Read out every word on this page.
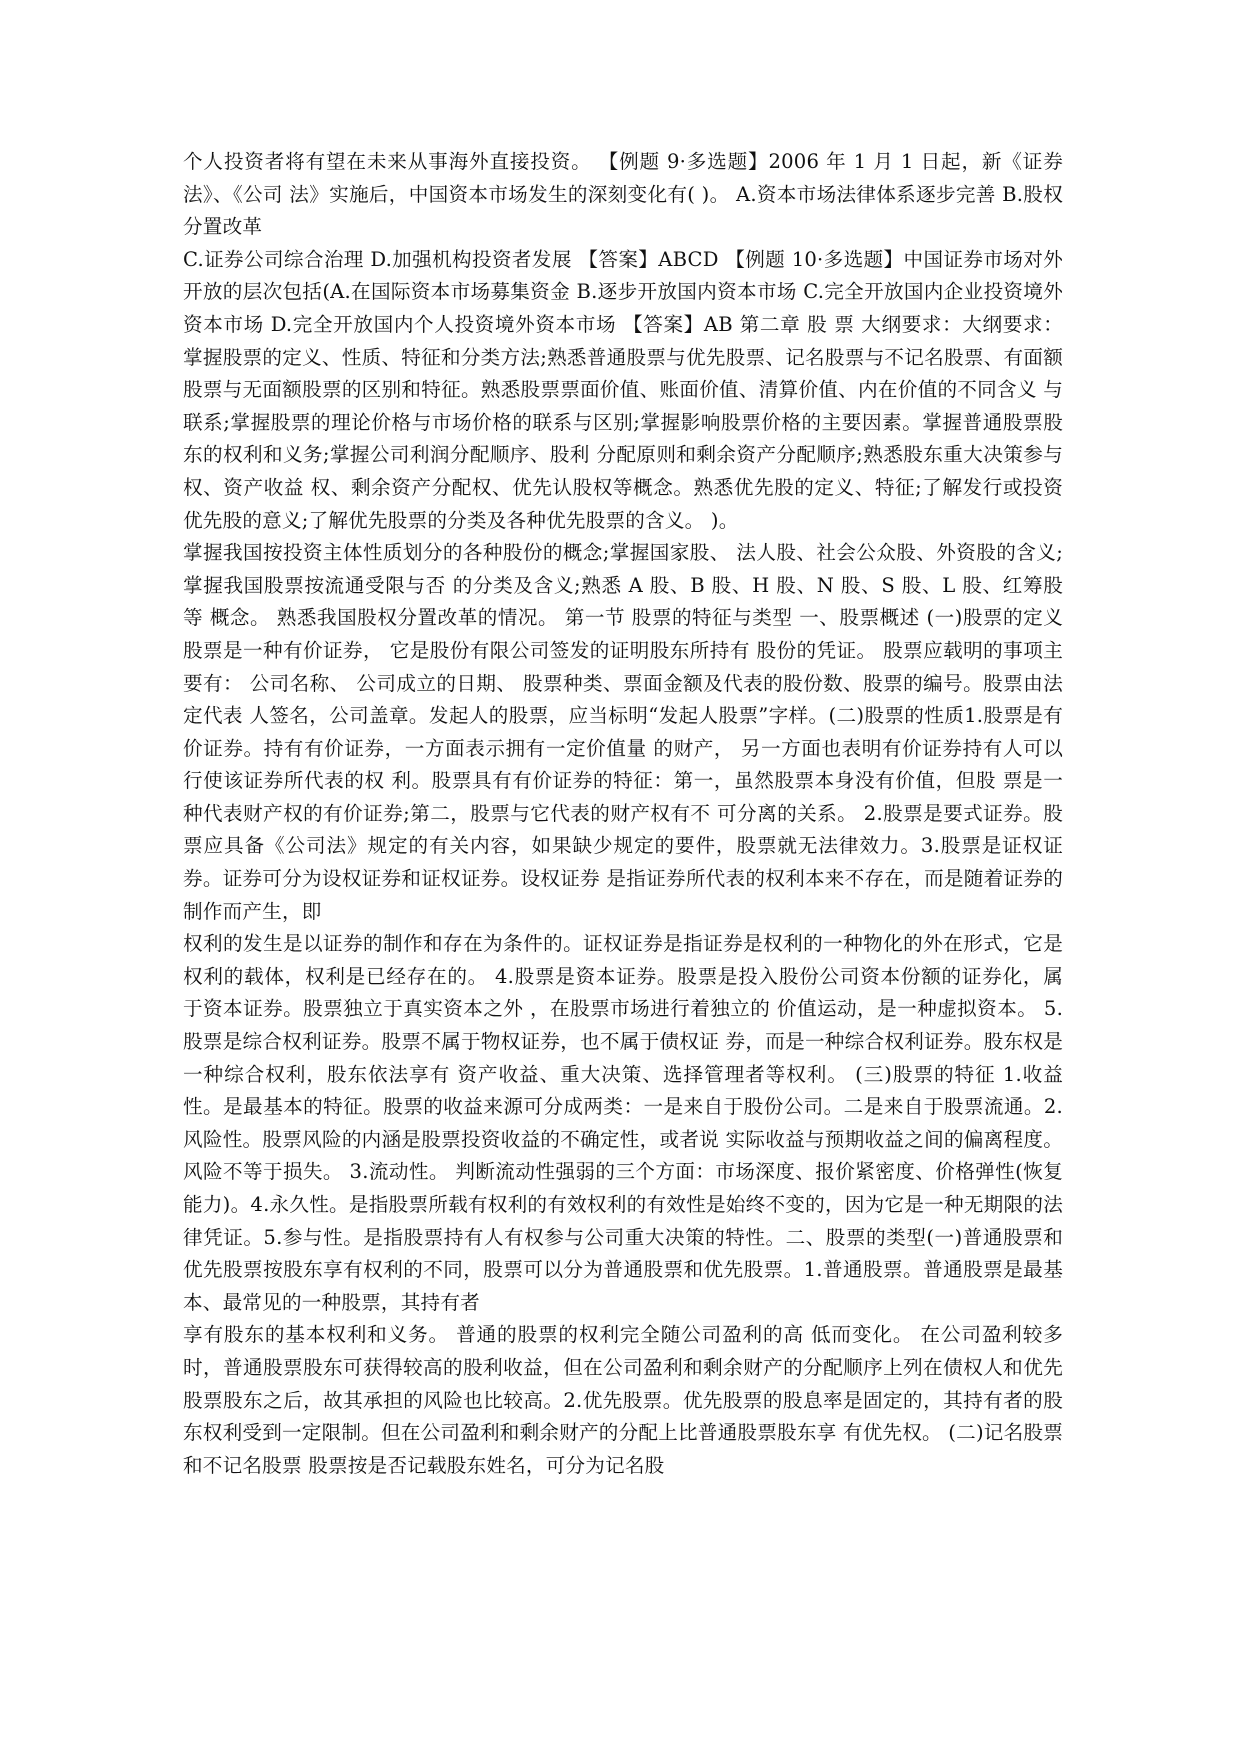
个人投资者将有望在未来从事海外直接投资。 【例题 9·多选题】2006 年 1 月 1 日起，新《证券法》、《公司 法》实施后，中国资本市场发生的深刻变化有( )。 A.资本市场法律体系逐步完善 B.股权分置改革

C.证券公司综合治理 D.加强机构投资者发展 【答案】ABCD 【例题 10·多选题】中国证券市场对外开放的层次包括(A.在国际资本市场募集资金 B.逐步开放国内资本市场 C.完全开放国内企业投资境外资本市场 D.完全开放国内个人投资境外资本市场 【答案】AB 第二章 股 票 大纲要求：大纲要求：掌握股票的定义、性质、特征和分类方法;熟悉普通股票与优先股票、记名股票与不记名股票、有面额股票与无面额股票的区别和特征。熟悉股票票面价值、账面价值、清算价值、内在价值的不同含义 与联系;掌握股票的理论价格与市场价格的联系与区别;掌握影响股票价格的主要因素。掌握普通股票股东的权利和义务;掌握公司利润分配顺序、股利 分配原则和剩余资产分配顺序;熟悉股东重大决策参与权、资产收益 权、剩余资产分配权、优先认股权等概念。熟悉优先股的定义、特征;了解发行或投资优先股的意义;了解优先股票的分类及各种优先股票的含义。 )。

掌握我国按投资主体性质划分的各种股份的概念;掌握国家股、 法人股、社会公众股、外资股的含义;掌握我国股票按流通受限与否 的分类及含义;熟悉 A 股、B 股、H 股、N 股、S 股、L 股、红筹股等 概念。 熟悉我国股权分置改革的情况。 第一节 股票的特征与类型 一、股票概述 (一)股票的定义 股票是一种有价证券， 它是股份有限公司签发的证明股东所持有 股份的凭证。 股票应载明的事项主要有： 公司名称、 公司成立的日期、 股票种类、票面金额及代表的股份数、股票的编号。股票由法定代表 人签名，公司盖章。发起人的股票，应当标明“发起人股票”字样。(二)股票的性质1.股票是有价证券。持有有价证券，一方面表示拥有一定价值量 的财产， 另一方面也表明有价证券持有人可以行使该证券所代表的权 利。股票具有有价证券的特征：第一，虽然股票本身没有价值，但股 票是一种代表财产权的有价证券;第二，股票与它代表的财产权有不 可分离的关系。 2.股票是要式证券。股票应具备《公司法》规定的有关内容，如果缺少规定的要件，股票就无法律效力。3.股票是证权证券。证券可分为设权证券和证权证券。设权证券 是指证券所代表的权利本来不存在，而是随着证券的制作而产生，即

权利的发生是以证券的制作和存在为条件的。证权证券是指证券是权利的一种物化的外在形式，它是权利的载体，权利是已经存在的。 4.股票是资本证券。股票是投入股份公司资本份额的证券化，属 于资本证券。股票独立于真实资本之外 ，在股票市场进行着独立的 价值运动，是一种虚拟资本。 5.股票是综合权利证券。股票不属于物权证券，也不属于债权证 券，而是一种综合权利证券。股东权是一种综合权利，股东依法享有 资产收益、重大决策、选择管理者等权利。 (三)股票的特征 1.收益性。是最基本的特征。股票的收益来源可分成两类：一是来自于股份公司。二是来自于股票流通。2.风险性。股票风险的内涵是股票投资收益的不确定性，或者说 实际收益与预期收益之间的偏离程度。风险不等于损失。 3.流动性。 判断流动性强弱的三个方面：市场深度、报价紧密度、价格弹性(恢复能力)。4.永久性。是指股票所载有权利的有效权利的有效性是始终不变的，因为它是一种无期限的法律凭证。5.参与性。是指股票持有人有权参与公司重大决策的特性。二、股票的类型(一)普通股票和优先股票按股东享有权利的不同，股票可以分为普通股票和优先股票。1.普通股票。普通股票是最基本、最常见的一种股票，其持有者

享有股东的基本权利和义务。 普通的股票的权利完全随公司盈利的高 低而变化。 在公司盈利较多时，普通股票股东可获得较高的股利收益，但在公司盈利和剩余财产的分配顺序上列在债权人和优先股票股东之后，故其承担的风险也比较高。2.优先股票。优先股票的股息率是固定的，其持有者的股东权利受到一定限制。但在公司盈利和剩余财产的分配上比普通股票股东享 有优先权。 (二)记名股票和不记名股票 股票按是否记载股东姓名，可分为记名股
